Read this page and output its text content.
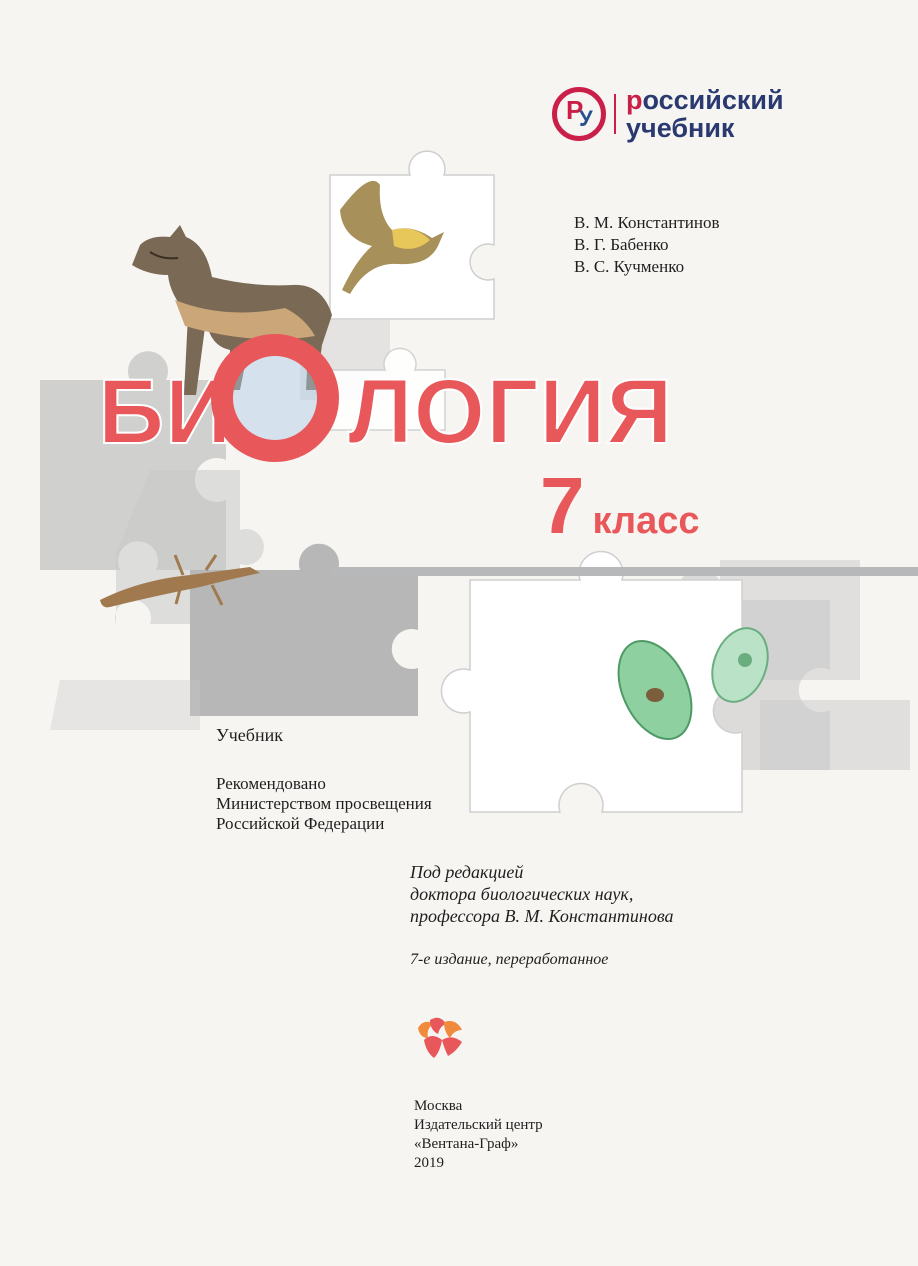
Р
У
российский
учебник
В. М. Константинов
В. Г. Бабенко
В. С. Кучменко
БИ ЛОГИЯ
7 класс
Учебник
Рекомендовано
Министерством просвещения
Российской Федерации
Под редакцией
доктора биологических наук,
профессора В. М. Константинова
7-е издание, переработанное
Москва
Издательский центр
«Вентана-Граф»
2019
